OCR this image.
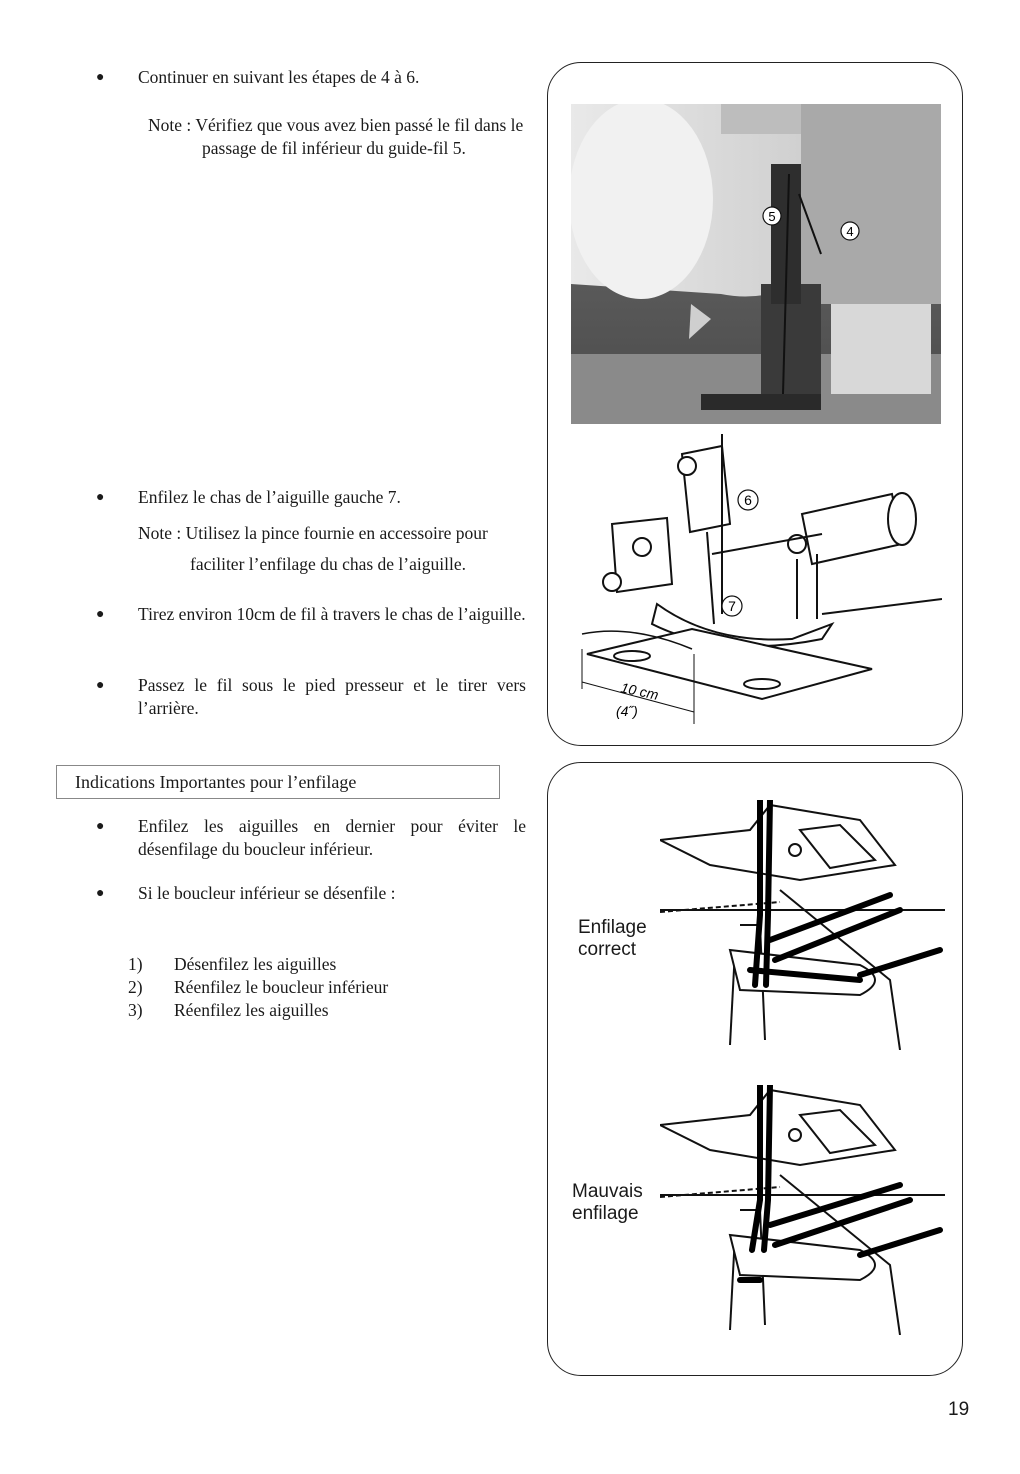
● Continuer en suivant les étapes de 4 à 6.
Note : Vérifiez que vous avez bien passé le fil dans le passage de fil inférieur du guide-fil 5.
● Enfilez le chas de l’aiguille gauche 7.
Note : Utilisez la pince fournie en accessoire pour
faciliter l’enfilage du chas de l’aiguille.
● Tirez environ 10cm de fil à travers le chas de l’aiguille.
● Passez le fil sous le pied presseur et le tirer vers l’arrière.
Indications Importantes pour l’enfilage
● Enfilez les aiguilles en dernier pour éviter le désenfilage du boucleur inférieur.
● Si le boucleur inférieur se désenfile :
1) Désenfilez les aiguilles
2) Réenfilez le boucleur inférieur
3) Réenfilez les aiguilles
5
4
6
7
10 cm
(4˝)
Enfilage
correct
Mauvais
enfilage
19
